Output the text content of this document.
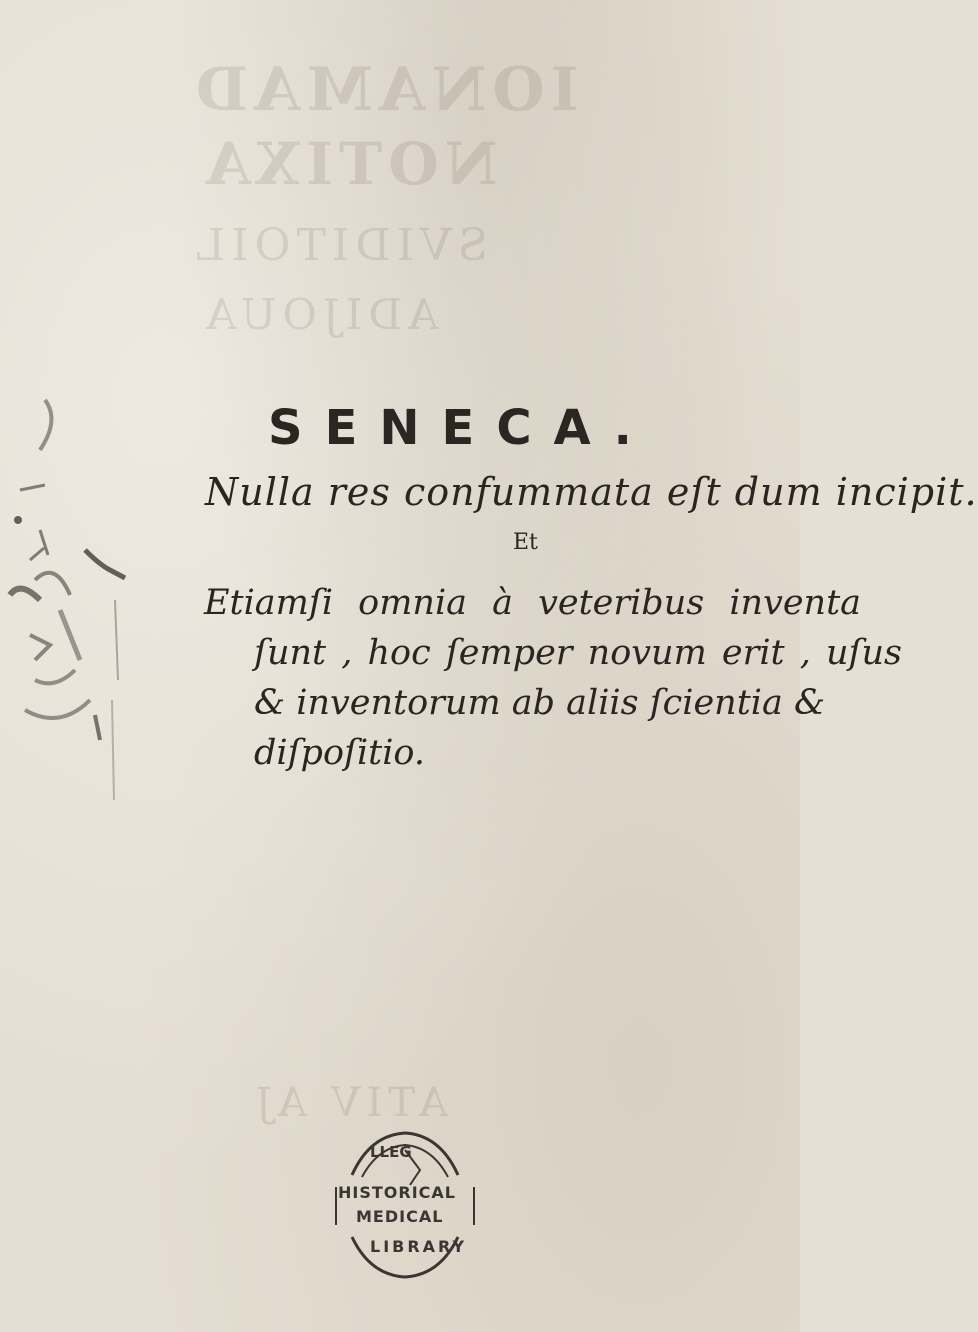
IONAMAD
NOTIXA
SVIDITOIL
ADIJOUA
ATIV AJ
SENECA.

Nulla res confummata eſt dum incipit.

Et

Etiamſi omnia à veteribus inventa
ſunt , hoc ſemper novum erit , uſus
& inventorum ab aliis ſcientia &
diſpoſitio.

LLEG
HISTORICAL
MEDICAL
LIBRARY
